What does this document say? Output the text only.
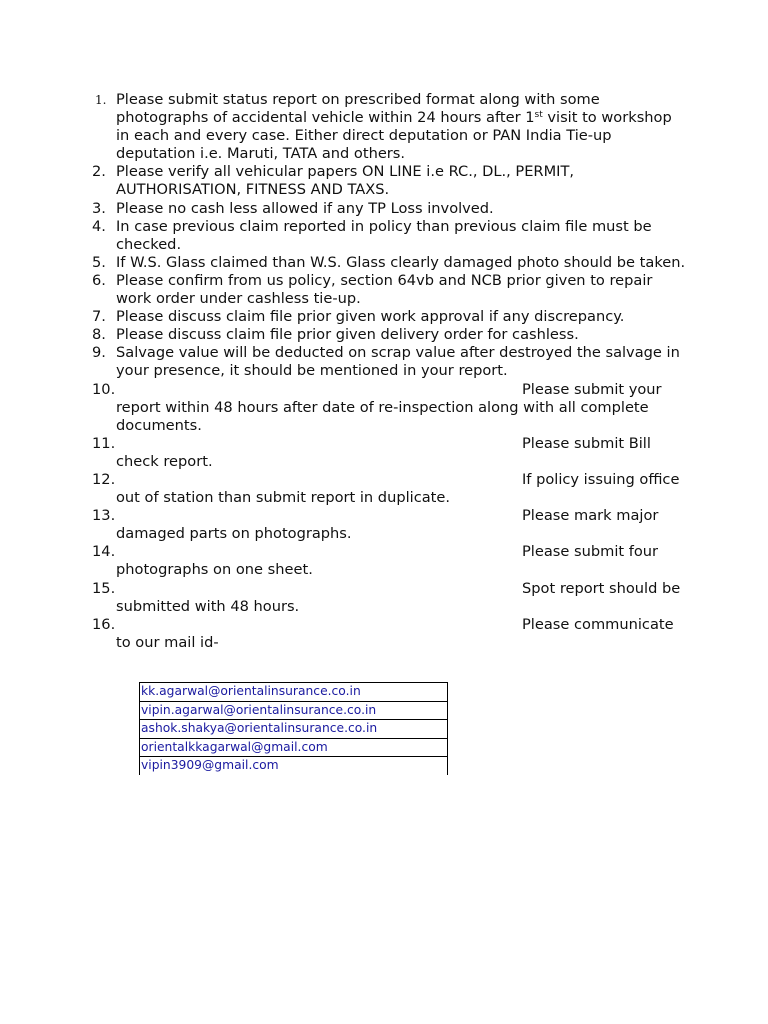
1. Please submit status report on prescribed format along with some
photographs of accidental vehicle within 24 hours after 1st visit to workshop
in each and every case. Either direct deputation or PAN India Tie-up
deputation i.e. Maruti, TATA and others.
2. Please verify all vehicular papers ON LINE i.e RC., DL., PERMIT, AUTHORISATION, FITNESS AND TAXS.
3. Please no cash less allowed if any TP Loss involved.
4. In case previous claim reported in policy than previous claim file must be checked.
5. If W.S. Glass claimed than W.S. Glass clearly damaged photo should be taken.
6. Please confirm from us policy, section 64vb and NCB prior given to repair work order under cashless tie-up.
7. Please discuss claim file prior given work approval if any discrepancy.
8. Please discuss claim file prior given delivery order for cashless.
9. Salvage value will be deducted on scrap value after destroyed the salvage in your presence, it should be mentioned in your report.
10.	Please submit your
report within 48 hours after date of re-inspection along with all complete documents.
11.	Please submit Bill
check report.
12.	If policy issuing office
out of station than submit report in duplicate.
13.	Please mark major
damaged parts on photographs.
14.	Please submit four
photographs on one sheet.
15.	Spot report should be
submitted with 48 hours.
16.	Please communicate
to our mail id-
kk.agarwal@orientalinsurance.co.in
vipin.agarwal@orientalinsurance.co.in
ashok.shakya@orientalinsurance.co.in
orientalkkagarwal@gmail.com
vipin3909@gmail.com
